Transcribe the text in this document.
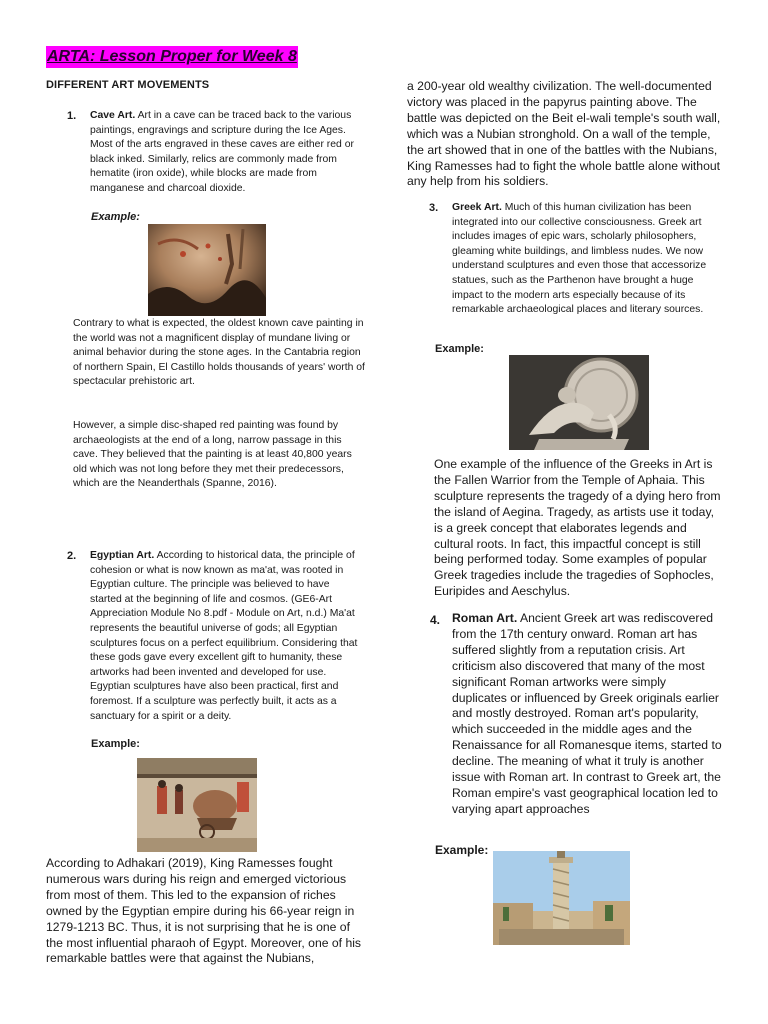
ARTA: Lesson Proper for Week 8
DIFFERENT ART MOVEMENTS
1. Cave Art. Art in a cave can be traced back to the various paintings, engravings and scripture during the Ice Ages. Most of the arts engraved in these caves are either red or black inked. Similarly, relics are commonly made from hematite (iron oxide), while blocks are made from manganese and charcoal dioxide.
Example:
Contrary to what is expected, the oldest known cave painting in the world was not a magnificent display of mundane living or animal behavior during the stone ages. In the Cantabria region of northern Spain, El Castillo holds thousands of years' worth of spectacular prehistoric art.
However, a simple disc-shaped red painting was found by archaeologists at the end of a long, narrow passage in this cave. They believed that the painting is at least 40,800 years old which was not long before they met their predecessors, which are the Neanderthals (Spanne, 2016).
2. Egyptian Art. According to historical data, the principle of cohesion or what is now known as ma'at, was rooted in Egyptian culture. The principle was believed to have started at the beginning of life and cosmos. (GE6-Art Appreciation Module No 8.pdf - Module on Art, n.d.) Ma'at represents the beautiful universe of gods; all Egyptian sculptures focus on a perfect equilibrium. Considering that these gods gave every excellent gift to humanity, these artworks had been invented and developed for use. Egyptian sculptures have also been practical, first and foremost. If a sculpture was perfectly built, it acts as a sanctuary for a spirit or a deity.
Example:
According to Adhakari (2019), King Ramesses fought numerous wars during his reign and emerged victorious from most of them. This led to the expansion of riches owned by the Egyptian empire during his 66-year reign in 1279-1213 BC. Thus, it is not surprising that he is one of the most influential pharaoh of Egypt. Moreover, one of his remarkable battles were that against the Nubians,
a 200-year old wealthy civilization. The well-documented victory was placed in the papyrus painting above. The battle was depicted on the Beit el-wali temple's south wall, which was a Nubian stronghold. On a wall of the temple, the art showed that in one of the battles with the Nubians, King Ramesses had to fight the whole battle alone without any help from his soldiers.
3. Greek Art. Much of this human civilization has been integrated into our collective consciousness. Greek art includes images of epic wars, scholarly philosophers, gleaming white buildings, and limbless nudes. We now understand sculptures and even those that accessorize statues, such as the Parthenon have brought a huge impact to the modern arts especially because of its remarkable archaeological places and literary sources.
Example:
One example of the influence of the Greeks in Art is the Fallen Warrior from the Temple of Aphaia. This sculpture represents the tragedy of a dying hero from the island of Aegina. Tragedy, as artists use it today, is a greek concept that elaborates legends and cultural roots. In fact, this impactful concept is still being performed today. Some examples of popular Greek tragedies include the tragedies of Sophocles, Euripides and Aeschylus.
4. Roman Art. Ancient Greek art was rediscovered from the 17th century onward. Roman art has suffered slightly from a reputation crisis. Art criticism also discovered that many of the most significant Roman artworks were simply duplicates or influenced by Greek originals earlier and mostly destroyed. Roman art's popularity, which succeeded in the middle ages and the Renaissance for all Romanesque items, started to decline. The meaning of what it truly is another issue with Roman art. In contrast to Greek art, the Roman empire's vast geographical location led to varying apart approaches
Example:
